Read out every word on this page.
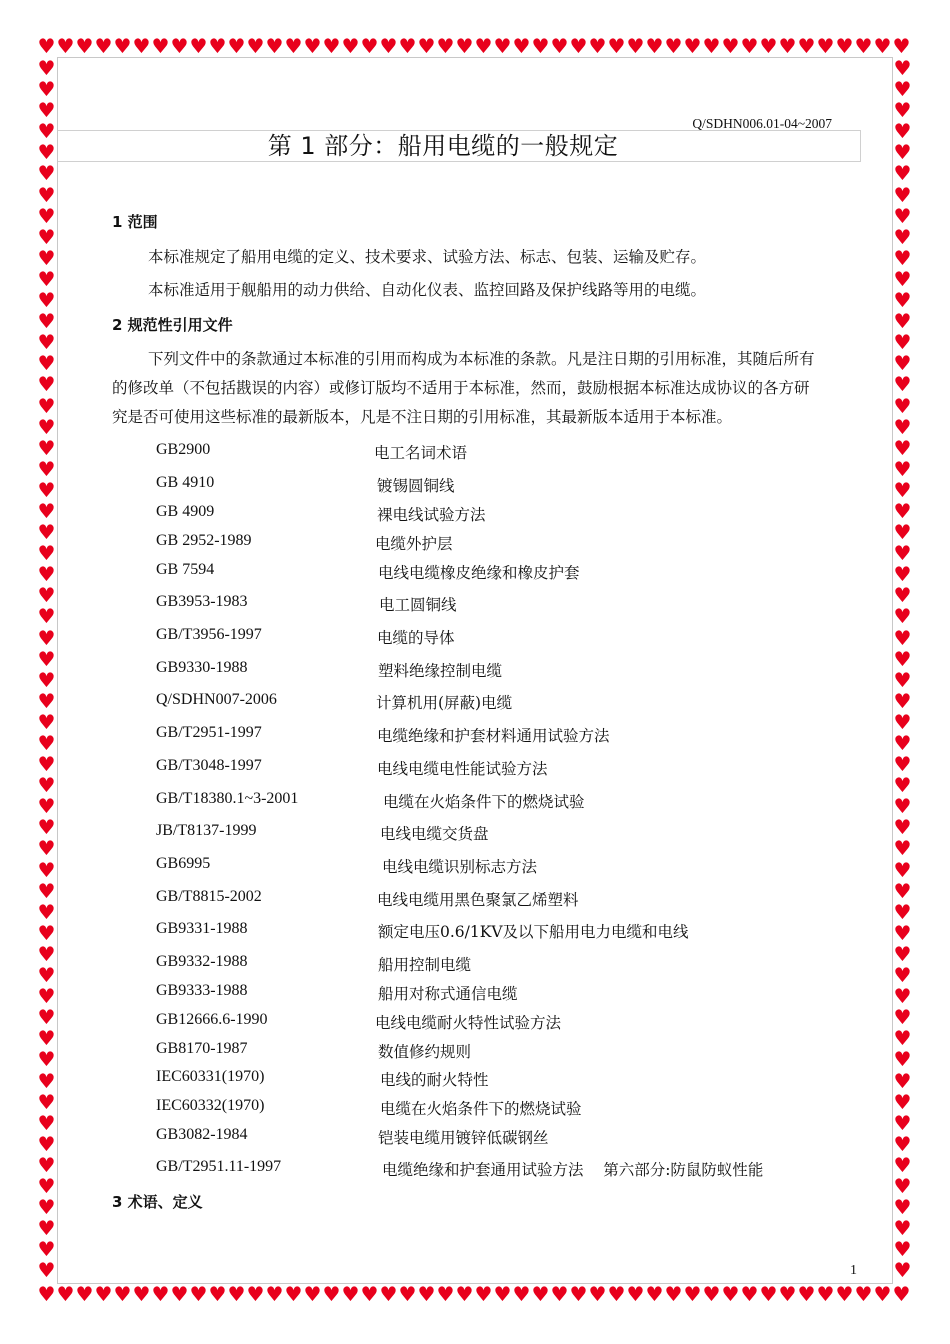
♥ ♥ ♥ ♥ ♥ ♥ ♥ ♥ ♥ ♥ ♥ ♥ ♥ ♥ ♥ ♥ ♥ ♥ ♥ ♥ ♥ ♥ ♥ ♥ ♥ ♥ ♥ ♥ ♥ ♥ ♥ ♥ ♥ ♥ ♥ ♥ ♥ ♥ ♥ ♥ ♥ ♥ ♥ ♥ ♥ ♥
♥ ♥ ♥ ♥ ♥ ♥ ♥ ♥ ♥ ♥ ♥ ♥ ♥ ♥ ♥ ♥ ♥ ♥ ♥ ♥ ♥ ♥ ♥ ♥ ♥ ♥ ♥ ♥ ♥ ♥ ♥ ♥ ♥ ♥ ♥ ♥ ♥ ♥ ♥ ♥ ♥ ♥ ♥ ♥ ♥ ♥
♥
♥
♥
♥
♥
♥
♥
♥
♥
♥
♥
♥
♥
♥
♥
♥
♥
♥
♥
♥
♥
♥
♥
♥
♥
♥
♥
♥
♥
♥
♥
♥
♥
♥
♥
♥
♥
♥
♥
♥
♥
♥
♥
♥
♥
♥
♥
♥
♥
♥
♥
♥
♥
♥
♥
♥
♥
♥
♥
♥
♥
♥
♥
♥
♥
♥
♥
♥
♥
♥
♥
♥
♥
♥
♥
♥
♥
♥
♥
♥
♥
♥
♥
♥
♥
♥
♥
♥
♥
♥
♥
♥
♥
♥
♥
♥
♥
♥
♥
♥
♥
♥
♥
♥
♥
♥
♥
♥
♥
♥
♥
♥
♥
♥
♥
♥
Q/SDHN006.01-04~2007
第 1 部分：船用电缆的一般规定
1 范围
本标准规定了船用电缆的定义、技术要求、试验方法、标志、包装、运输及贮存。
本标准适用于舰船用的动力供给、自动化仪表、监控回路及保护线路等用的电缆。
2 规范性引用文件
下列文件中的条款通过本标准的引用而构成为本标准的条款。凡是注日期的引用标准，其随后所有
的修改单（不包括戡误的内容）或修订版均不适用于本标准，然而，鼓励根据本标准达成协议的各方研
究是否可使用这些标准的最新版本，凡是不注日期的引用标准，其最新版本适用于本标准。
GB2900	电工名词术语
GB 4910	镀锡圆铜线
GB 4909	裸电线试验方法
GB 2952-1989	电缆外护层
GB 7594	电线电缆橡皮绝缘和橡皮护套
GB3953-1983	电工圆铜线
GB/T3956-1997	电缆的导体
GB9330-1988	塑料绝缘控制电缆
Q/SDHN007-2006	计算机用(屏蔽)电缆
GB/T2951-1997	电缆绝缘和护套材料通用试验方法
GB/T3048-1997	电线电缆电性能试验方法
GB/T18380.1~3-2001	电缆在火焰条件下的燃烧试验
JB/T8137-1999	电线电缆交货盘
GB6995	电线电缆识别标志方法
GB/T8815-2002	电线电缆用黑色聚氯乙烯塑料
GB9331-1988	额定电压0.6/1KV及以下船用电力电缆和电线
GB9332-1988	船用控制电缆
GB9333-1988	船用对称式通信电缆
GB12666.6-1990	电线电缆耐火特性试验方法
GB8170-1987	数值修约规则
IEC60331(1970)	电线的耐火特性
IEC60332(1970)	电缆在火焰条件下的燃烧试验
GB3082-1984	铠装电缆用镀锌低碳钢丝
GB/T2951.11-1997	电缆绝缘和护套通用试验方法    第六部分:防鼠防蚁性能
3 术语、定义
1
